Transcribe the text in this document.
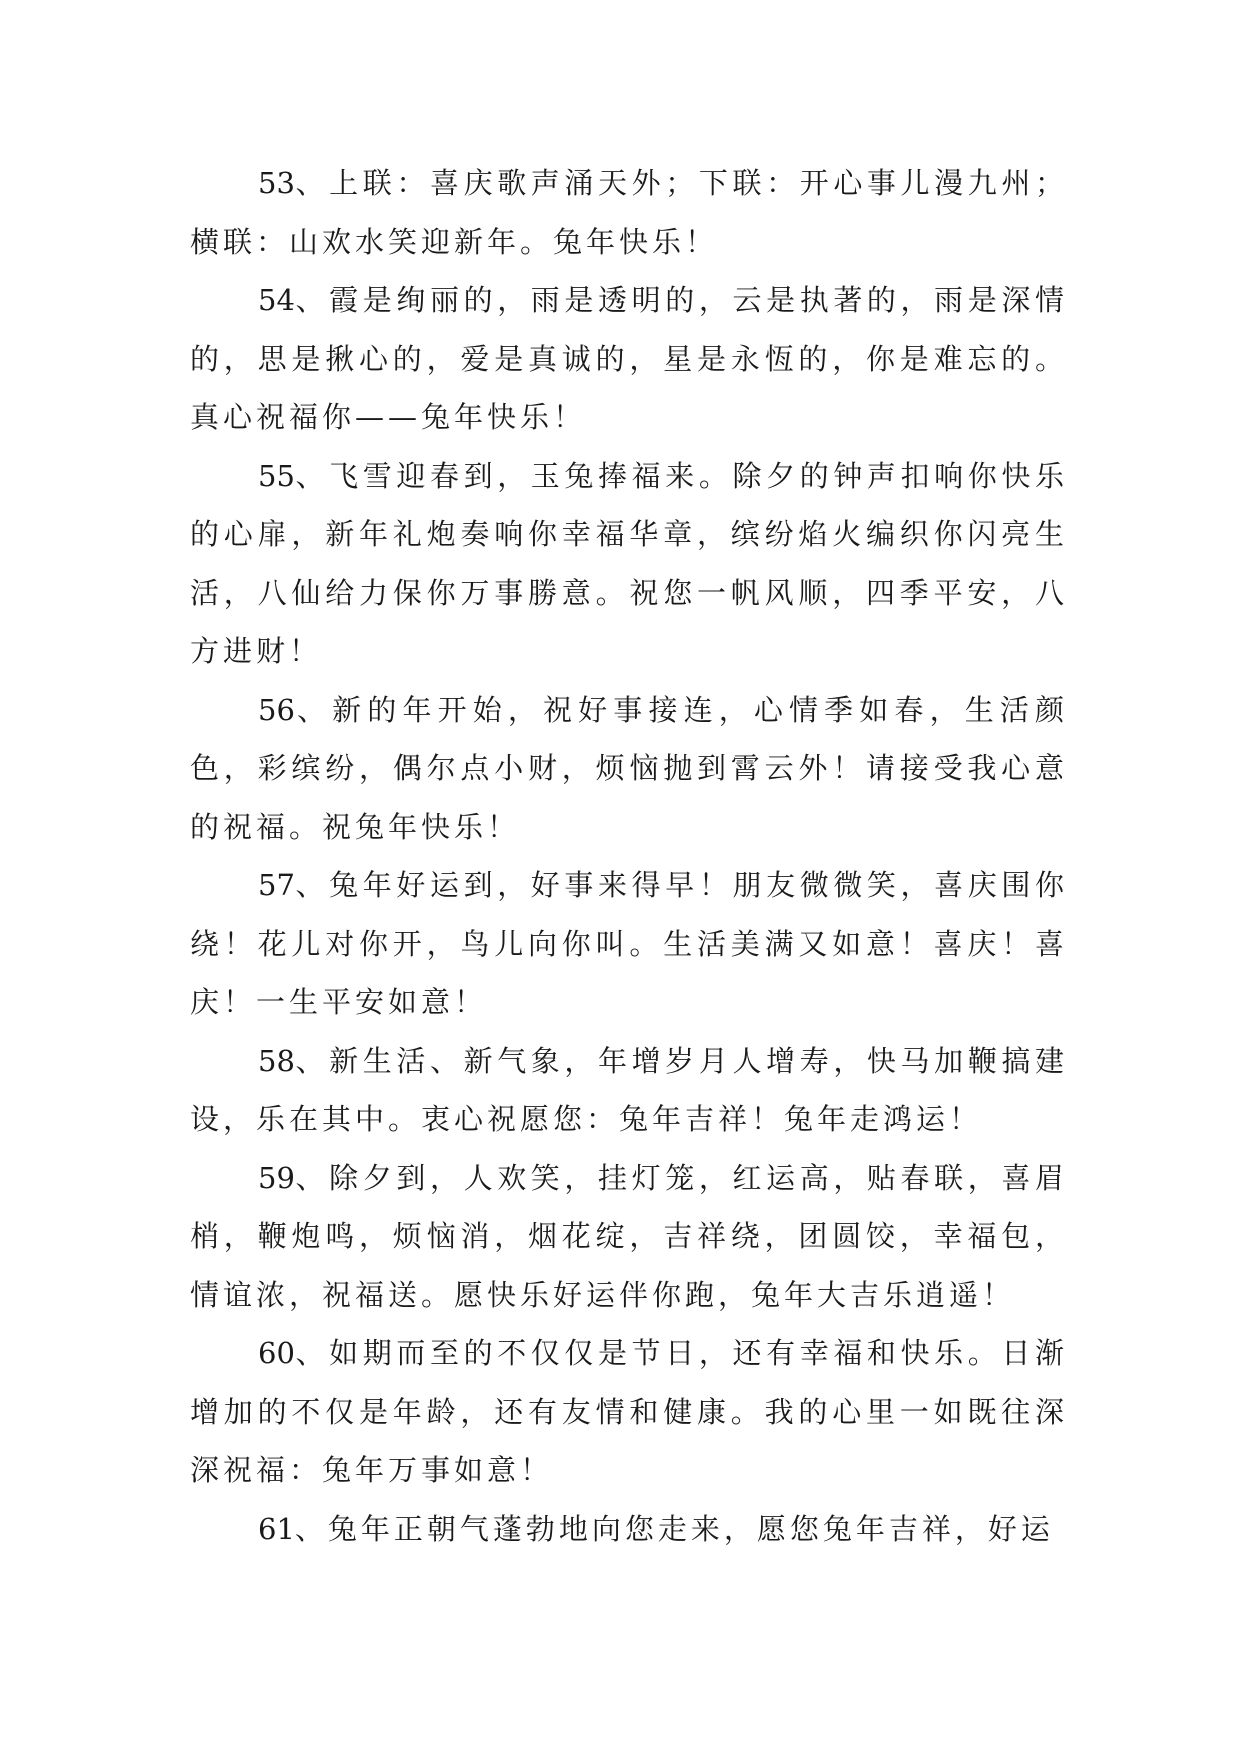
53、上联：喜庆歌声涌天外；下联：开心事儿漫九州；横联：山欢水笑迎新年。兔年快乐！

54、霞是绚丽的，雨是透明的，云是执著的，雨是深情的，思是揪心的，爱是真诚的，星是永恆的，你是难忘的。真心祝福你——兔年快乐！

55、飞雪迎春到，玉兔捧福来。除夕的钟声扣响你快乐的心扉，新年礼炮奏响你幸福华章，缤纷焰火编织你闪亮生活，八仙给力保你万事勝意。祝您一帆风顺，四季平安，八方进财！

56、新的年开始，祝好事接连，心情季如春，生活颜色，彩缤纷，偶尔点小财，烦恼抛到霄云外！请接受我心意的祝福。祝兔年快乐！

57、兔年好运到，好事来得早！朋友微微笑，喜庆围你绕！花儿对你开，鸟儿向你叫。生活美满又如意！喜庆！喜庆！一生平安如意！

58、新生活、新气象，年增岁月人增寿，快马加鞭搞建设，乐在其中。衷心祝愿您：兔年吉祥！兔年走鸿运！

59、除夕到，人欢笑，挂灯笼，红运高，贴春联，喜眉梢，鞭炮鸣，烦恼消，烟花绽，吉祥绕，团圆饺，幸福包，情谊浓，祝福送。愿快乐好运伴你跑，兔年大吉乐逍遥！

60、如期而至的不仅仅是节日，还有幸福和快乐。日渐增加的不仅是年龄，还有友情和健康。我的心里一如既往深深祝福：兔年万事如意！

61、兔年正朝气蓬勃地向您走来，愿您兔年吉祥，好运
